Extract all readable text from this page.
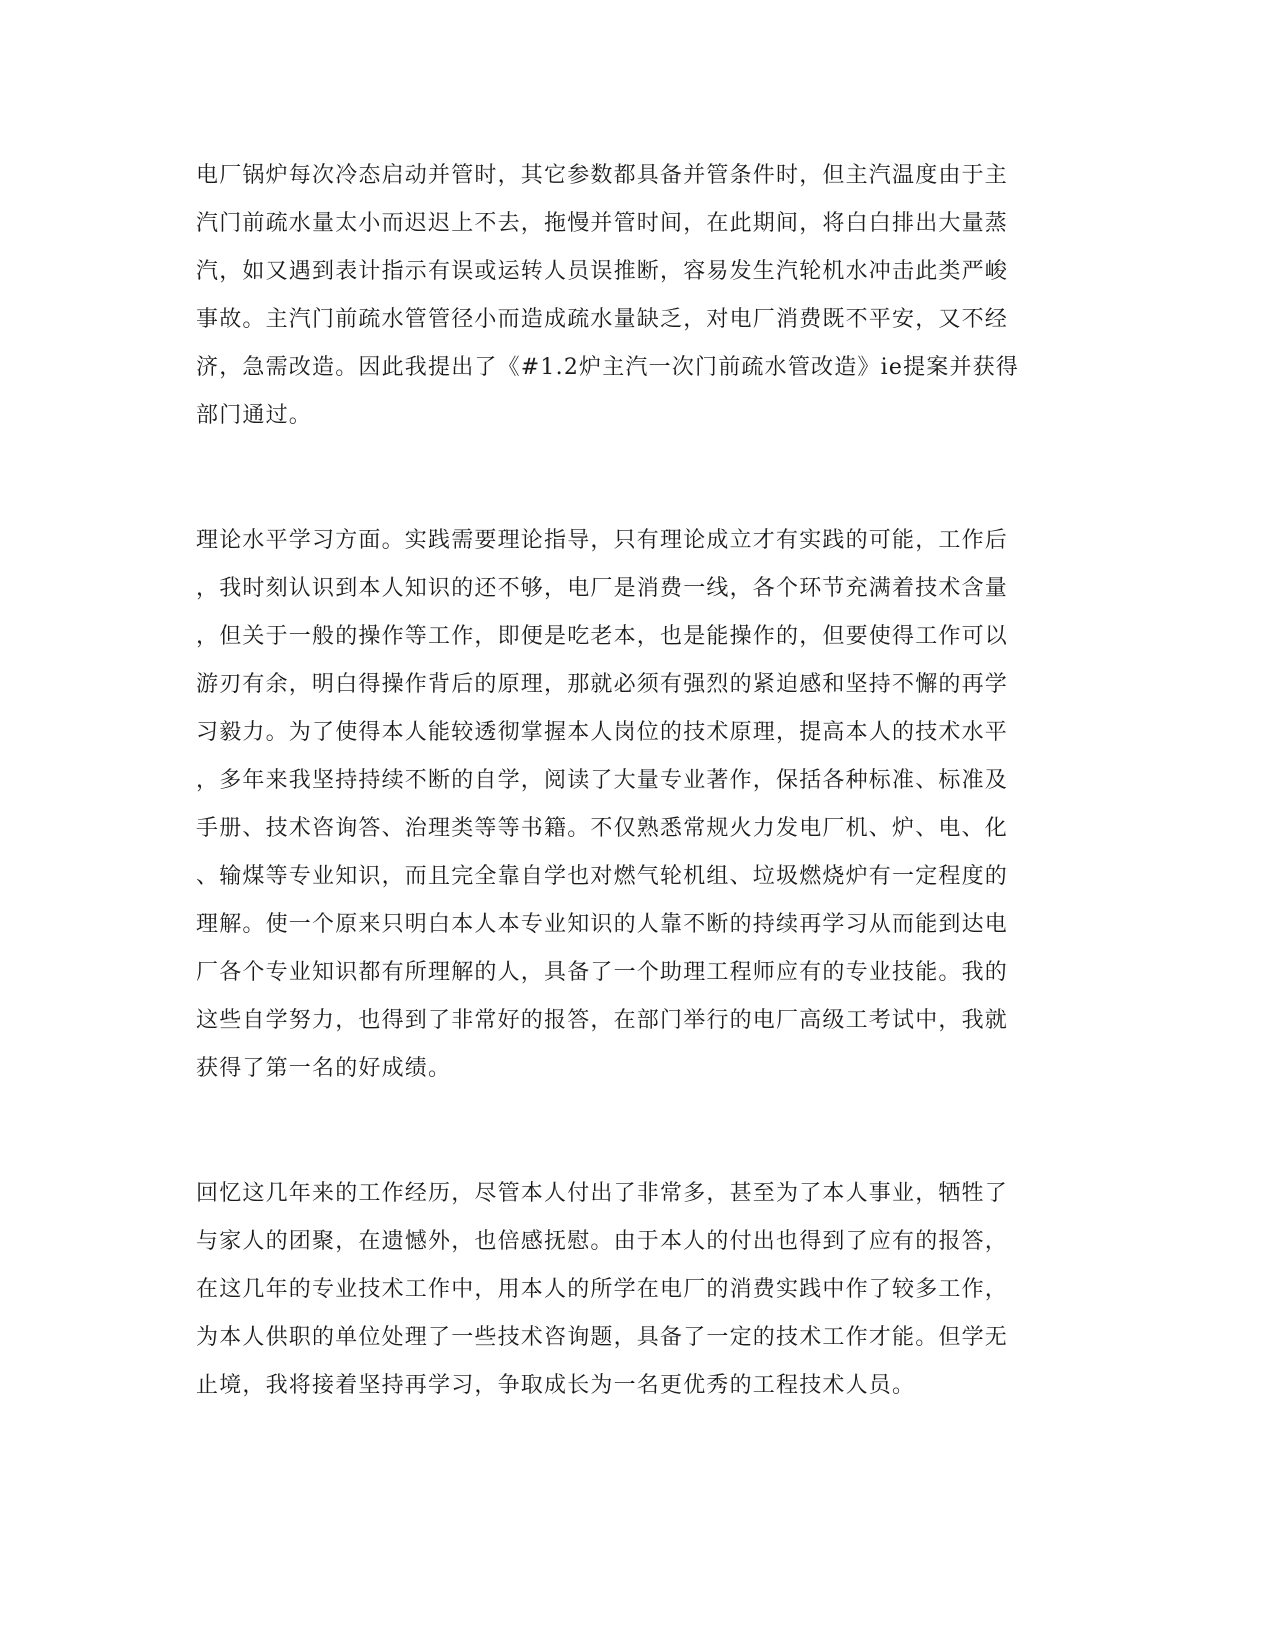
电厂锅炉每次冷态启动并管时，其它参数都具备并管条件时，但主汽温度由于主
汽门前疏水量太小而迟迟上不去，拖慢并管时间，在此期间，将白白排出大量蒸
汽，如又遇到表计指示有误或运转人员误推断，容易发生汽轮机水冲击此类严峻
事故。主汽门前疏水管管径小而造成疏水量缺乏，对电厂消费既不平安，又不经
济，急需改造。因此我提出了《#1.2炉主汽一次门前疏水管改造》ie提案并获得
部门通过。

理论水平学习方面。实践需要理论指导，只有理论成立才有实践的可能，工作后
，我时刻认识到本人知识的还不够，电厂是消费一线，各个环节充满着技术含量
，但关于一般的操作等工作，即便是吃老本，也是能操作的，但要使得工作可以
游刃有余，明白得操作背后的原理，那就必须有强烈的紧迫感和坚持不懈的再学
习毅力。为了使得本人能较透彻掌握本人岗位的技术原理，提高本人的技术水平
，多年来我坚持持续不断的自学，阅读了大量专业著作，保括各种标准、标准及
手册、技术咨询答、治理类等等书籍。不仅熟悉常规火力发电厂机、炉、电、化
、输煤等专业知识，而且完全靠自学也对燃气轮机组、垃圾燃烧炉有一定程度的
理解。使一个原来只明白本人本专业知识的人靠不断的持续再学习从而能到达电
厂各个专业知识都有所理解的人，具备了一个助理工程师应有的专业技能。我的
这些自学努力，也得到了非常好的报答，在部门举行的电厂高级工考试中，我就
获得了第一名的好成绩。

回忆这几年来的工作经历，尽管本人付出了非常多，甚至为了本人事业，牺牲了
与家人的团聚，在遗憾外，也倍感抚慰。由于本人的付出也得到了应有的报答，
在这几年的专业技术工作中，用本人的所学在电厂的消费实践中作了较多工作，
为本人供职的单位处理了一些技术咨询题，具备了一定的技术工作才能。但学无
止境，我将接着坚持再学习，争取成长为一名更优秀的工程技术人员。
